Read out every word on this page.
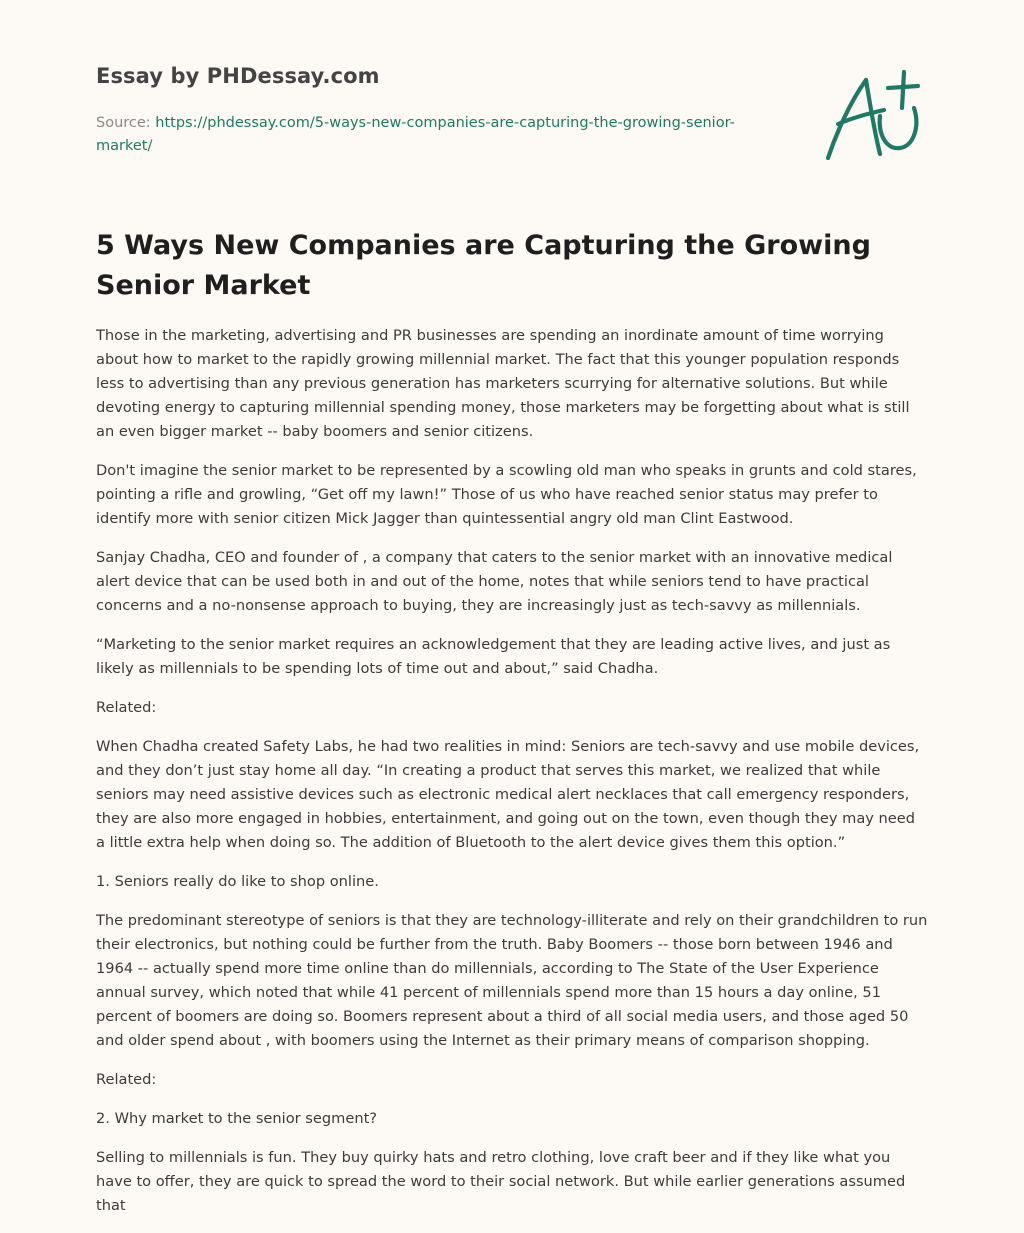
Essay by PHDessay.com
Source: https://phdessay.com/5-ways-new-companies-are-capturing-the-growing-senior-market/
5 Ways New Companies are Capturing the Growing Senior Market

Those in the marketing, advertising and PR businesses are spending an inordinate amount of time worrying about how to market to the rapidly growing millennial market. The fact that this younger population responds less to advertising than any previous generation has marketers scurrying for alternative solutions. But while devoting energy to capturing millennial spending money, those marketers may be forgetting about what is still an even bigger market -- baby boomers and senior citizens.

Don't imagine the senior market to be represented by a scowling old man who speaks in grunts and cold stares, pointing a rifle and growling, “Get off my lawn!” Those of us who have reached senior status may prefer to identify more with senior citizen Mick Jagger than quintessential angry old man Clint Eastwood.

Sanjay Chadha, CEO and founder of , a company that caters to the senior market with an innovative medical alert device that can be used both in and out of the home, notes that while seniors tend to have practical concerns and a no-nonsense approach to buying, they are increasingly just as tech-savvy as millennials.

“Marketing to the senior market requires an acknowledgement that they are leading active lives, and just as likely as millennials to be spending lots of time out and about,” said Chadha.

Related:

When Chadha created Safety Labs, he had two realities in mind: Seniors are tech-savvy and use mobile devices, and they don’t just stay home all day. “In creating a product that serves this market, we realized that while seniors may need assistive devices such as electronic medical alert necklaces that call emergency responders, they are also more engaged in hobbies, entertainment, and going out on the town, even though they may need a little extra help when doing so. The addition of Bluetooth to the alert device gives them this option.”

1. Seniors really do like to shop online.

The predominant stereotype of seniors is that they are technology-illiterate and rely on their grandchildren to run their electronics, but nothing could be further from the truth. Baby Boomers -- those born between 1946 and 1964 -- actually spend more time online than do millennials, according to The State of the User Experience annual survey, which noted that while 41 percent of millennials spend more than 15 hours a day online, 51 percent of boomers are doing so. Boomers represent about a third of all social media users, and those aged 50 and older spend about , with boomers using the Internet as their primary means of comparison shopping.

Related:

2. Why market to the senior segment?

Selling to millennials is fun. They buy quirky hats and retro clothing, love craft beer and if they like what you have to offer, they are quick to spread the word to their social network. But while earlier generations assumed that
